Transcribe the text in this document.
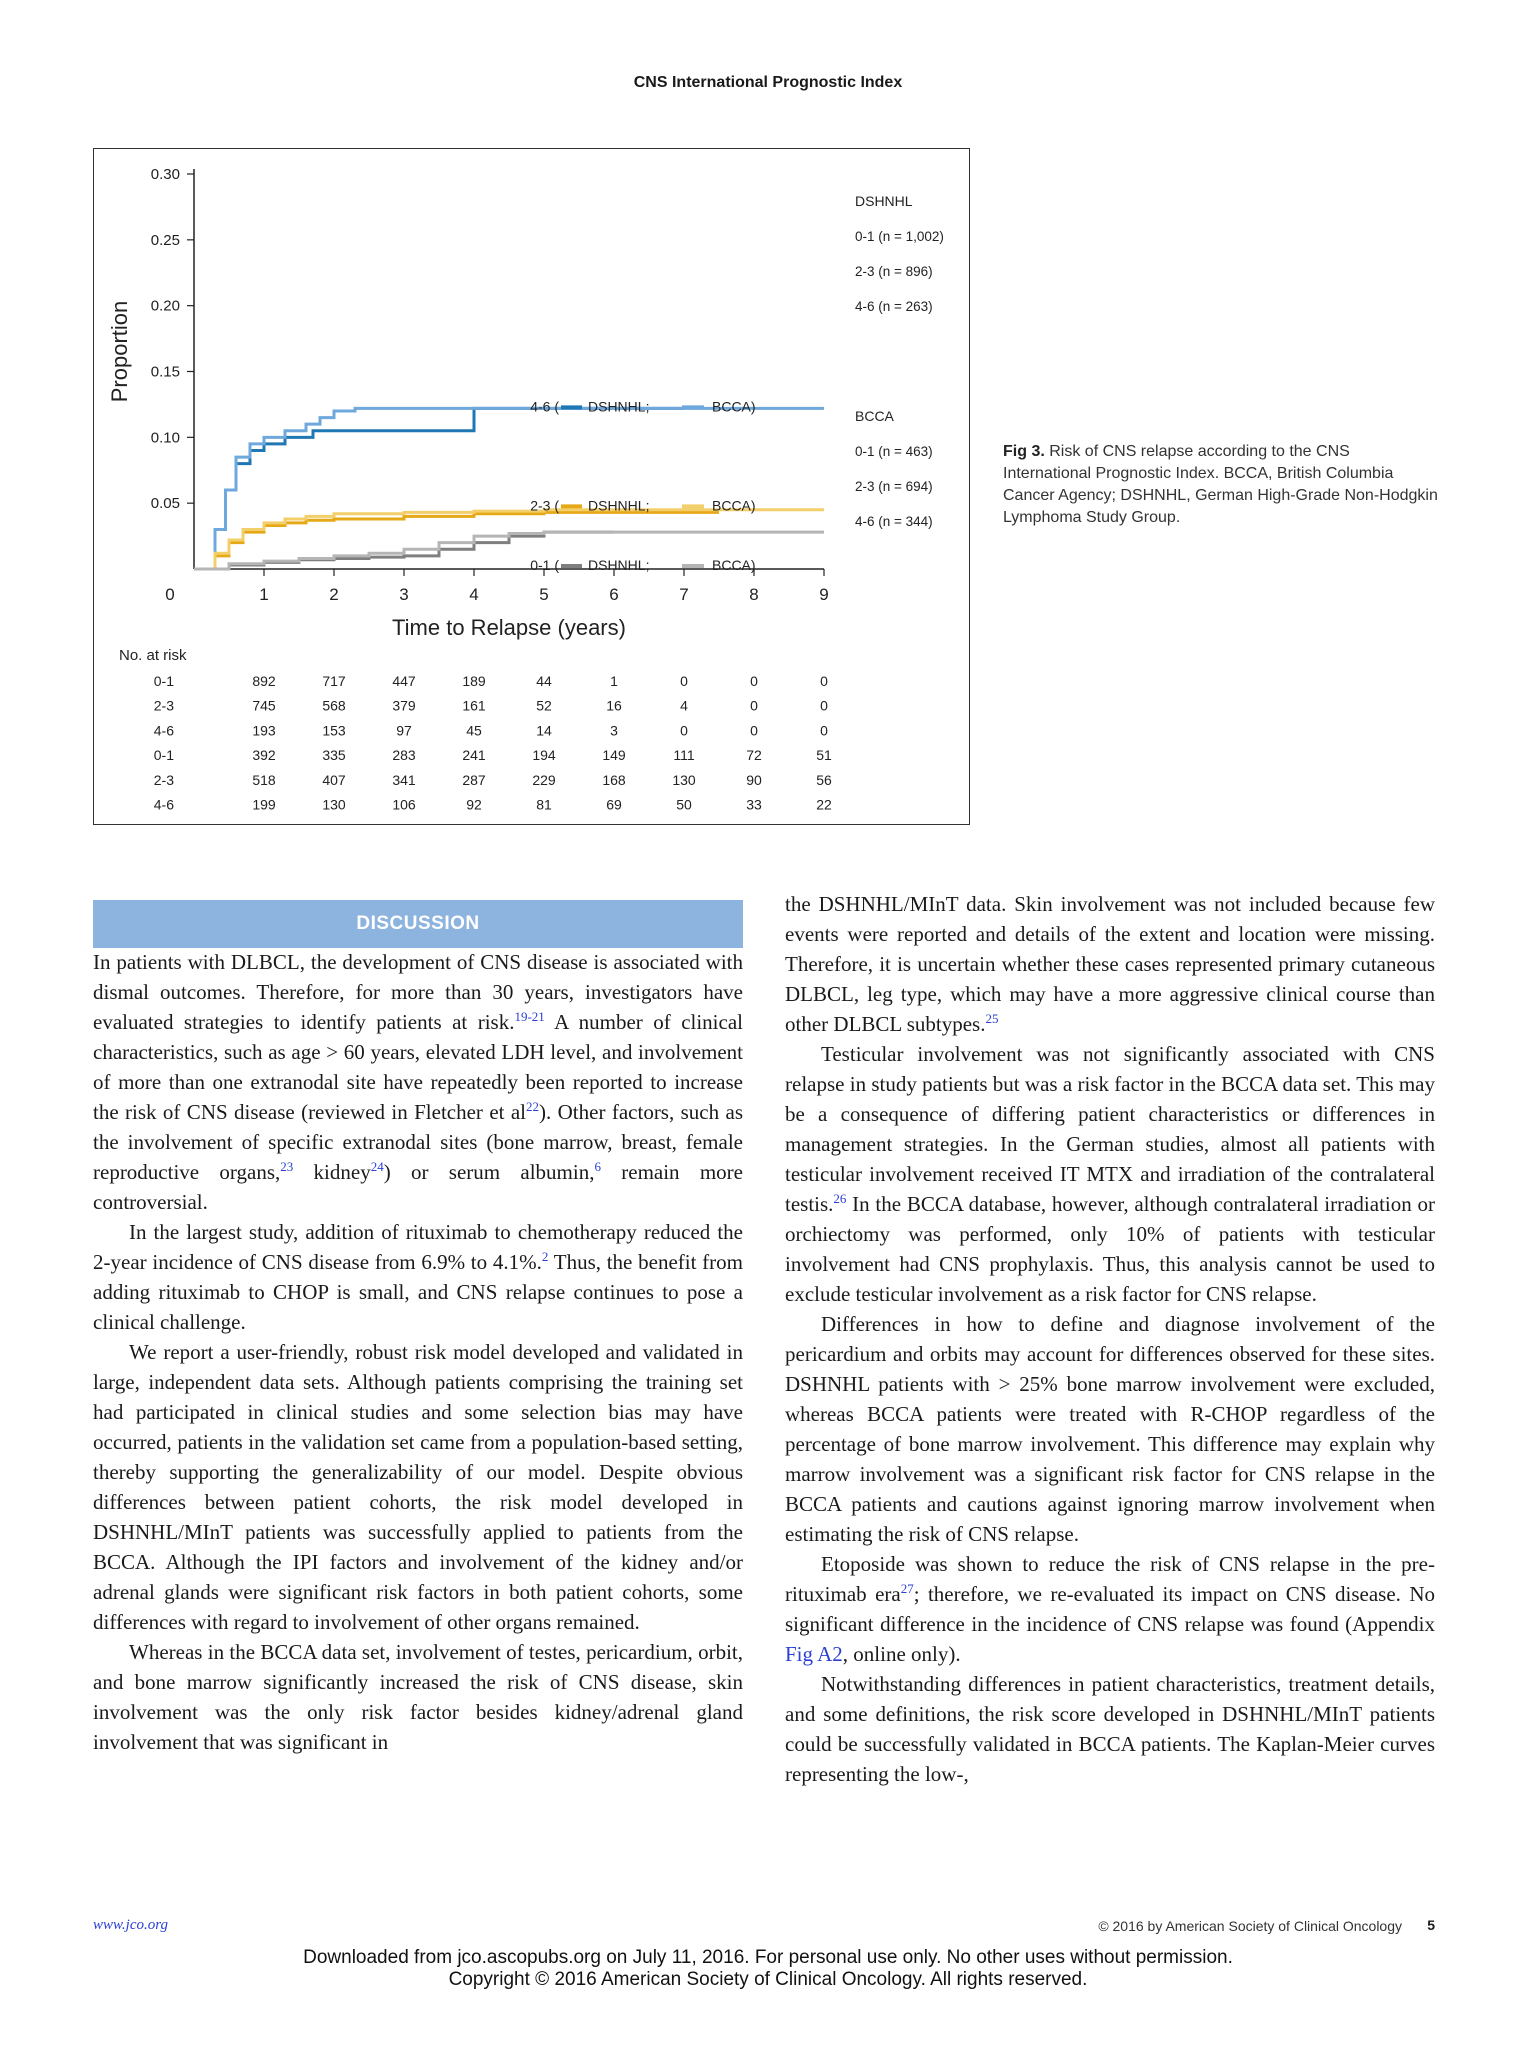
CNS International Prognostic Index
0.30
0.25
0.20
0.15
0.10
0.05
0	1	2	3	4	5	6	7	8	9
Time to Relapse (years)
Proportion
4-6 ( DSHNHL;	BCCA)
2-3 ( DSHNHL;	BCCA)
0-1 ( DSHNHL;	BCCA)
DSHNHL
0-1 (n = 1,002)
2-3 (n = 896)
4-6 (n = 263)
BCCA
0-1 (n = 463)
2-3 (n = 694)
4-6 (n = 344)
No. at risk
0-1	892	717	447	189	44	1	0	0	0
2-3	745	568	379	161	52	16	4	0	0
4-6	193	153	97	45	14	3	0	0	0
0-1	392	335	283	241	194	149	111	72	51
2-3	518	407	341	287	229	168	130	90	56
4-6	199	130	106	92	81	69	50	33	22
Fig 3. Risk of CNS relapse according to the CNS International Prognostic Index. BCCA, British Columbia Cancer Agency; DSHNHL, German High-Grade Non-Hodgkin Lymphoma Study Group.
DISCUSSION

In patients with DLBCL, the development of CNS disease is associated with dismal outcomes. Therefore, for more than 30 years, investigators have evaluated strategies to identify patients at risk.$^{19-21}$ A number of clinical characteristics, such as age > 60 years, elevated LDH level, and involvement of more than one extranodal site have repeatedly been reported to increase the risk of CNS disease (reviewed in Fletcher et al$^{22}$). Other factors, such as the involvement of specific extranodal sites (bone marrow, breast, female reproductive organs,$^{23}$ kidney$^{24}$) or serum albumin,$^6$ remain more controversial.

In the largest study, addition of rituximab to chemotherapy reduced the 2-year incidence of CNS disease from 6.9% to 4.1%.$^2$ Thus, the benefit from adding rituximab to CHOP is small, and CNS relapse continues to pose a clinical challenge.

We report a user-friendly, robust risk model developed and validated in large, independent data sets. Although patients comprising the training set had participated in clinical studies and some selection bias may have occurred, patients in the validation set came from a population-based setting, thereby supporting the generalizability of our model. Despite obvious differences between patient cohorts, the risk model developed in DSHNHL/MInT patients was successfully applied to patients from the BCCA. Although the IPI factors and involvement of the kidney and/or adrenal glands were significant risk factors in both patient cohorts, some differences with regard to involvement of other organs remained.

Whereas in the BCCA data set, involvement of testes, pericardium, orbit, and bone marrow significantly increased the risk of CNS disease, skin involvement was the only risk factor besides kidney/adrenal gland involvement that was significant in

the DSHNHL/MInT data. Skin involvement was not included because few events were reported and details of the extent and location were missing. Therefore, it is uncertain whether these cases represented primary cutaneous DLBCL, leg type, which may have a more aggressive clinical course than other DLBCL subtypes.$^{25}$

Testicular involvement was not significantly associated with CNS relapse in study patients but was a risk factor in the BCCA data set. This may be a consequence of differing patient characteristics or differences in management strategies. In the German studies, almost all patients with testicular involvement received IT MTX and irradiation of the contralateral testis.$^{26}$ In the BCCA database, however, although contralateral irradiation or orchiectomy was performed, only 10% of patients with testicular involvement had CNS prophylaxis. Thus, this analysis cannot be used to exclude testicular involvement as a risk factor for CNS relapse.

Differences in how to define and diagnose involvement of the pericardium and orbits may account for differences observed for these sites. DSHNHL patients with > 25% bone marrow involvement were excluded, whereas BCCA patients were treated with R-CHOP regardless of the percentage of bone marrow involvement. This difference may explain why marrow involvement was a significant risk factor for CNS relapse in the BCCA patients and cautions against ignoring marrow involvement when estimating the risk of CNS relapse.

Etoposide was shown to reduce the risk of CNS relapse in the pre-rituximab era$^{27}$; therefore, we re-evaluated its impact on CNS disease. No significant difference in the incidence of CNS relapse was found (Appendix Fig A2, online only).

Notwithstanding differences in patient characteristics, treatment details, and some definitions, the risk score developed in DSHNHL/MInT patients could be successfully validated in BCCA patients. The Kaplan-Meier curves representing the low-,

www.jco.org	© 2016 by American Society of Clinical Oncology 5
Downloaded from jco.ascopubs.org on July 11, 2016. For personal use only. No other uses without permission.
Copyright © 2016 American Society of Clinical Oncology. All rights reserved.
